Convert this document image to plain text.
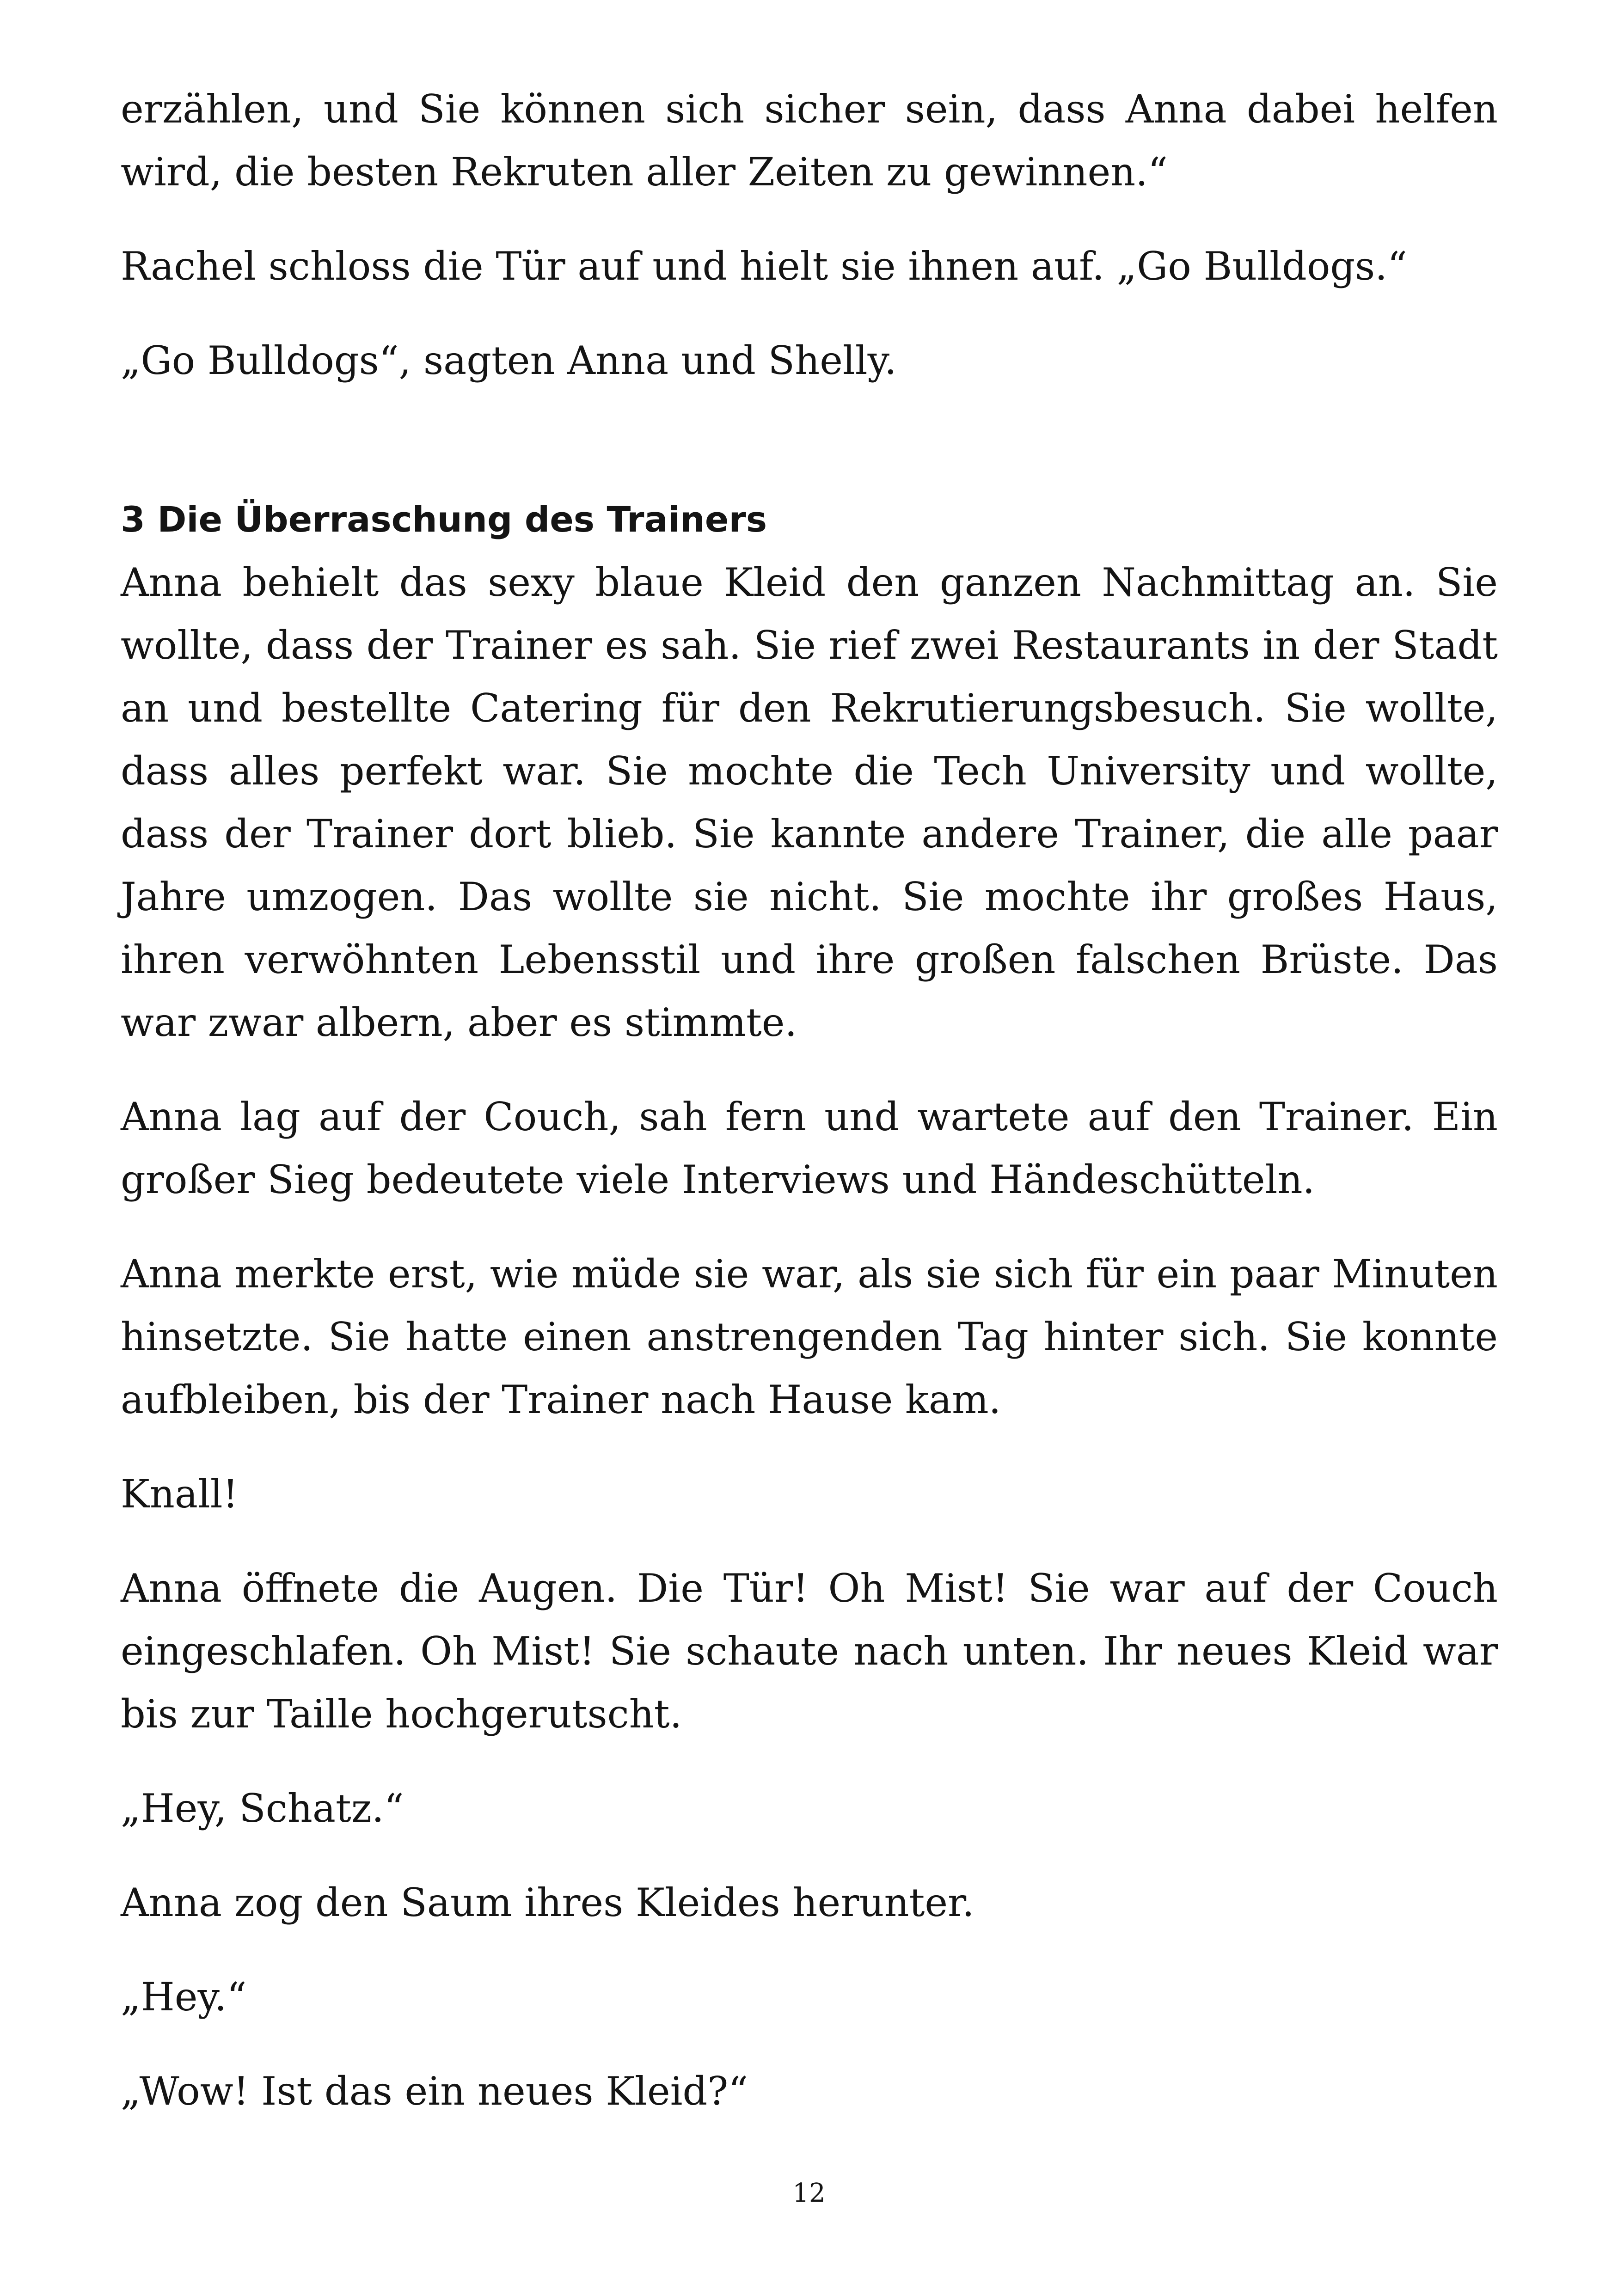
erzählen, und Sie können sich sicher sein, dass Anna dabei helfen wird, die besten Rekruten aller Zeiten zu gewinnen.“

Rachel schloss die Tür auf und hielt sie ihnen auf. „Go Bulldogs.“

„Go Bulldogs“, sagten Anna und Shelly.

3 Die Überraschung des Trainers

Anna behielt das sexy blaue Kleid den ganzen Nachmittag an. Sie wollte, dass der Trainer es sah. Sie rief zwei Restaurants in der Stadt an und bestellte Catering für den Rekrutierungsbesuch. Sie wollte, dass alles perfekt war. Sie mochte die Tech University und wollte, dass der Trainer dort blieb. Sie kannte andere Trainer, die alle paar Jahre umzogen. Das wollte sie nicht. Sie mochte ihr großes Haus, ihren verwöhnten Lebensstil und ihre großen falschen Brüste. Das war zwar albern, aber es stimmte.

Anna lag auf der Couch, sah fern und wartete auf den Trainer. Ein großer Sieg bedeutete viele Interviews und Händeschütteln.

Anna merkte erst, wie müde sie war, als sie sich für ein paar Minuten hinsetzte. Sie hatte einen anstrengenden Tag hinter sich. Sie konnte aufbleiben, bis der Trainer nach Hause kam.

Knall!

Anna öffnete die Augen. Die Tür! Oh Mist! Sie war auf der Couch eingeschlafen. Oh Mist! Sie schaute nach unten. Ihr neues Kleid war bis zur Taille hochgerutscht.

„Hey, Schatz.“

Anna zog den Saum ihres Kleides herunter.

„Hey.“

„Wow! Ist das ein neues Kleid?“

12
